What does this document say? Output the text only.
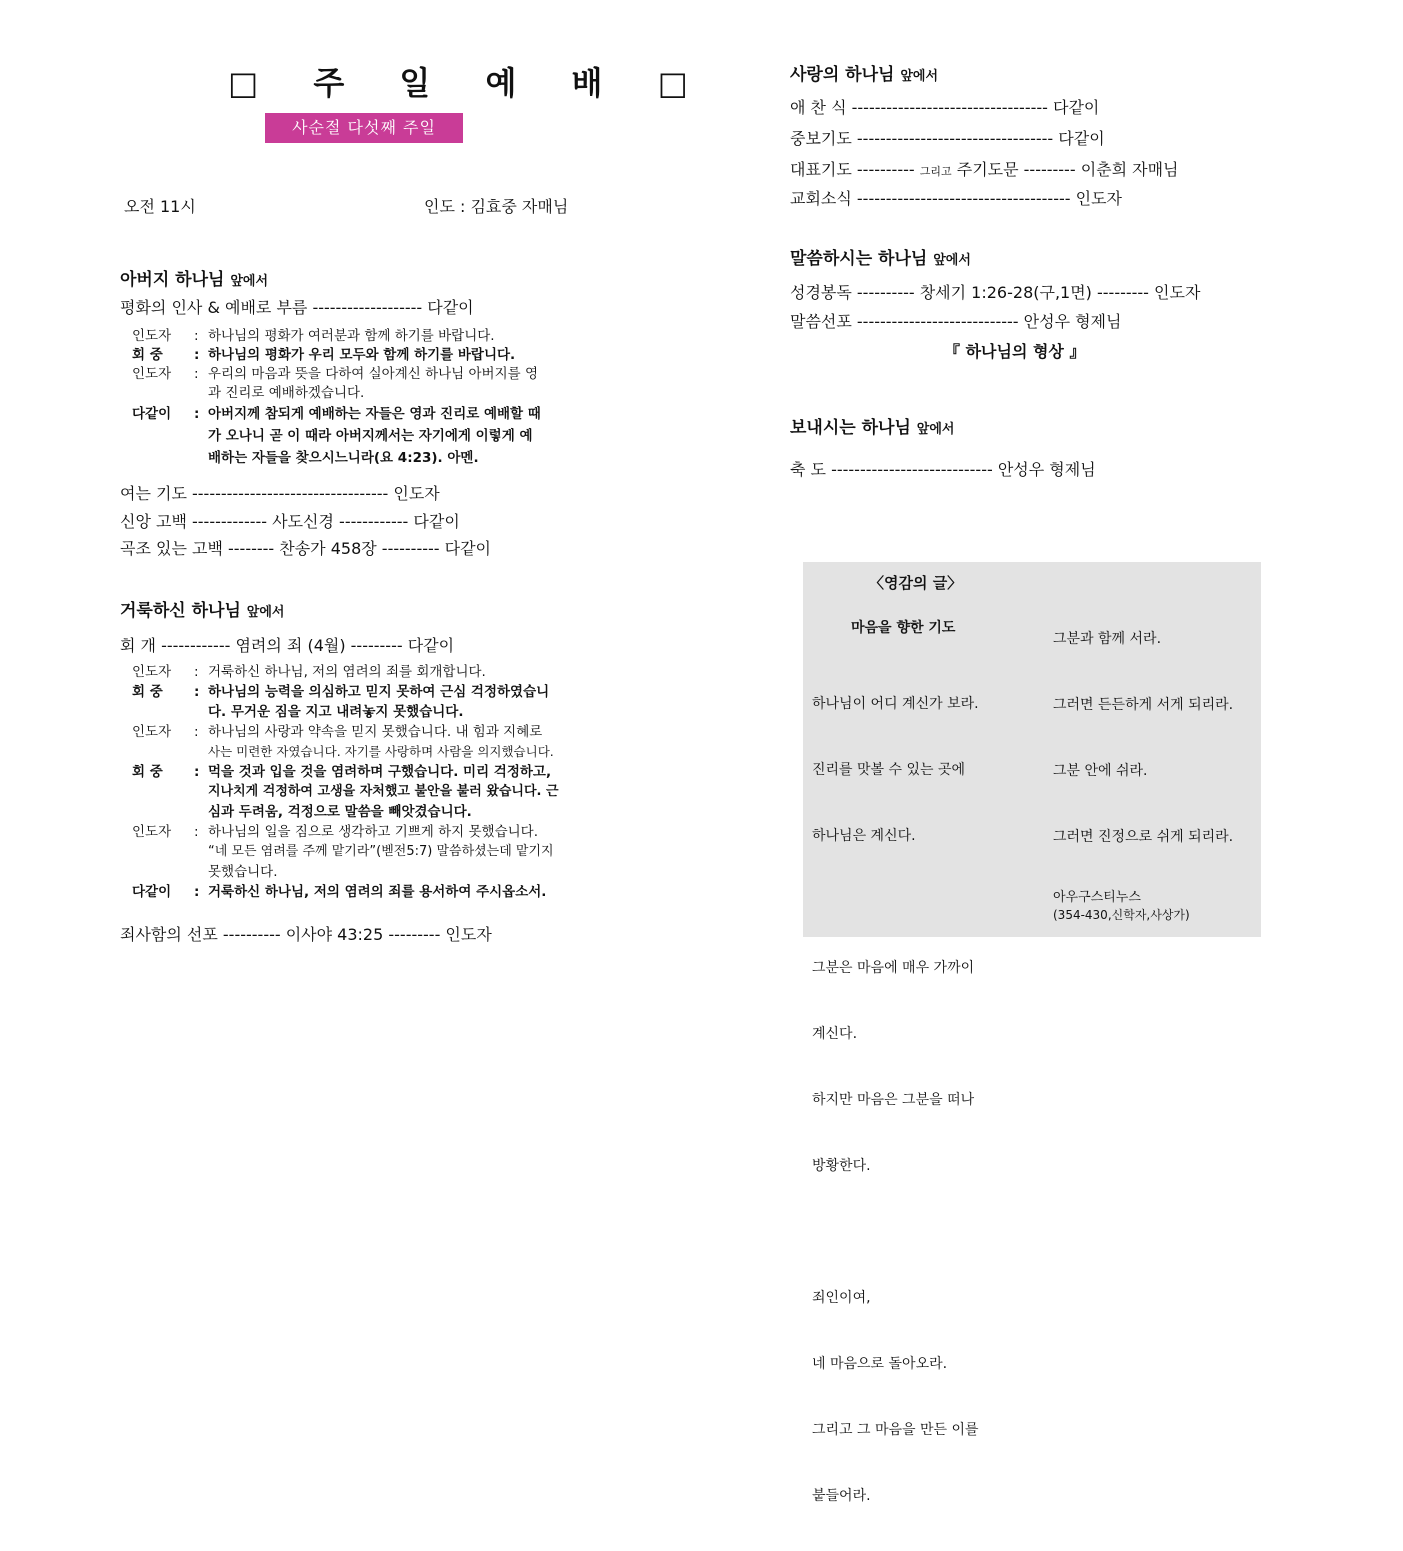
□ 주 일 예 배 □
사순절 다섯째 주일
오전 11시	인도 : 김효중 자매님
아버지 하나님 앞에서
평화의 인사 & 예배로 부름 ------------------- 다같이
인도자 : 하나님의 평화가 여러분과 함께 하기를 바랍니다.
회 중 : 하나님의 평화가 우리 모두와 함께 하기를 바랍니다.
인도자 : 우리의 마음과 뜻을 다하여 실아계신 하나님 아버지를 영
과 진리로 예배하겠습니다.
다같이 : 아버지께 참되게 예배하는 자들은 영과 진리로 예배할 때
가 오나니 곧 이 때라 아버지께서는 자기에게 이렇게 예
배하는 자들을 찾으시느니라(요 4:23). 아멘.
여는 기도 ---------------------------------- 인도자
신앙 고백 ------------- 사도신경 ------------ 다같이
곡조 있는 고백 -------- 찬송가 458장 ---------- 다같이
거룩하신 하나님 앞에서
회 개 ------------ 염려의 죄 (4월) --------- 다같이
인도자 : 거룩하신 하나님, 저의 염려의 죄를 회개합니다.
회 중 : 하나님의 능력을 의심하고 믿지 못하여 근심 걱정하였습니
다. 무거운 짐을 지고 내려놓지 못했습니다.
인도자 : 하나님의 사랑과 약속을 믿지 못했습니다. 내 힘과 지혜로
사는 미련한 자였습니다. 자기를 사랑하며 사람을 의지했습니다.
회 중 : 먹을 것과 입을 것을 염려하며 구했습니다. 미리 걱정하고,
지나치게 걱정하여 고생을 자처했고 불안을 불러 왔습니다. 근
심과 두려움, 걱정으로 말씀을 빼앗겼습니다.
인도자 : 하나님의 일을 짐으로 생각하고 기쁘게 하지 못했습니다.
“네 모든 염려를 주께 맡기라”(벧전5:7) 말씀하셨는데 맡기지
못했습니다.
다같이 : 거룩하신 하나님, 저의 염려의 죄를 용서하여 주시옵소서.
죄사함의 선포 ---------- 이사야 43:25 --------- 인도자
사랑의 하나님 앞에서
애 찬 식 ---------------------------------- 다같이
중보기도 ---------------------------------- 다같이
대표기도 ---------- 그리고 주기도문 --------- 이춘희 자매님
교회소식 ------------------------------------- 인도자
말씀하시는 하나님 앞에서
성경봉독 ---------- 창세기 1:26-28(구,1면) --------- 인도자
말씀선포 ---------------------------- 안성우 형제님
『 하나님의 형상 』
보내시는 하나님 앞에서
축 도 ---------------------------- 안성우 형제님
〈영감의 글〉
마음을 향한 기도

하나님이 어디 계신가 보라.

진리를 맛볼 수 있는 곳에

하나님은 계신다.

그분은 마음에 매우 가까이

계신다.

하지만 마음은 그분을 떠나

방황한다.

죄인이여,

네 마음으로 돌아오라.

그리고 그 마음을 만든 이를

붙들어라.

그분과 함께 서라.

그러면 든든하게 서게 되리라.

그분 안에 쉬라.

그러면 진정으로 쉬게 되리라.

아우구스티누스
(354-430,신학자,사상가)
